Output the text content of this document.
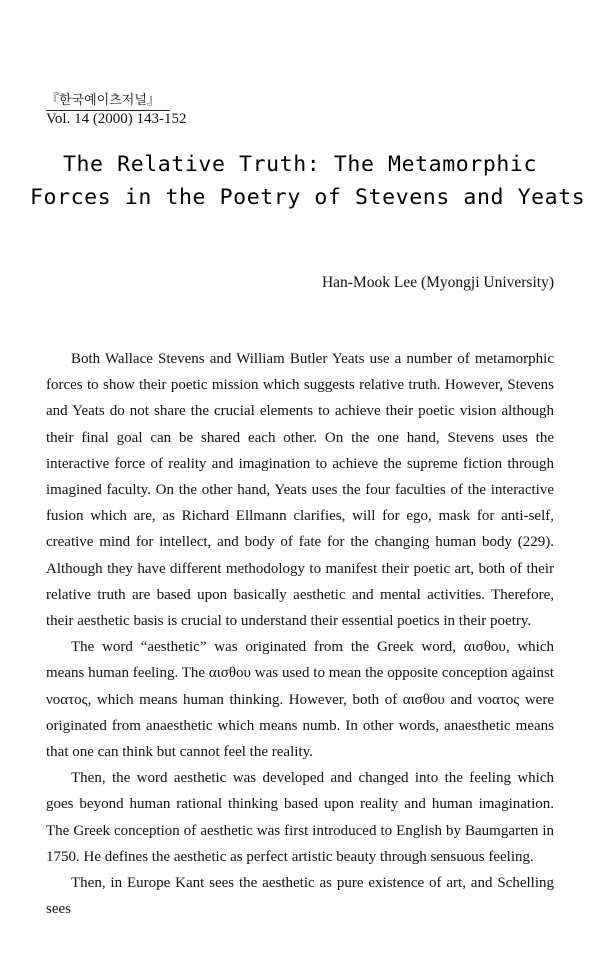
『한국예이츠저널』
Vol. 14 (2000) 143-152
The Relative Truth: The Metamorphic
Forces in the Poetry of Stevens and Yeats
Han-Mook Lee (Myongji University)

Both Wallace Stevens and William Butler Yeats use a number of metamorphic forces to show their poetic mission which suggests relative truth. However, Stevens and Yeats do not share the crucial elements to achieve their poetic vision although their final goal can be shared each other. On the one hand, Stevens uses the interactive force of reality and imagination to achieve the supreme fiction through imagined faculty. On the other hand, Yeats uses the four faculties of the interactive fusion which are, as Richard Ellmann clarifies, will for ego, mask for anti-self, creative mind for intellect, and body of fate for the changing human body (229). Although they have different methodology to manifest their poetic art, both of their relative truth are based upon basically aesthetic and mental activities. Therefore, their aesthetic basis is crucial to understand their essential poetics in their poetry.

The word “aesthetic” was originated from the Greek word, αισθου, which means human feeling. The αισθου was used to mean the opposite conception against νοατος, which means human thinking. However, both of αισθου and νοατος were originated from anaesthetic which means numb. In other words, anaesthetic means that one can think but cannot feel the reality.

Then, the word aesthetic was developed and changed into the feeling which goes beyond human rational thinking based upon reality and human imagination. The Greek conception of aesthetic was first introduced to English by Baumgarten in 1750. He defines the aesthetic as perfect artistic beauty through sensuous feeling.

Then, in Europe Kant sees the aesthetic as pure existence of art, and Schelling sees
